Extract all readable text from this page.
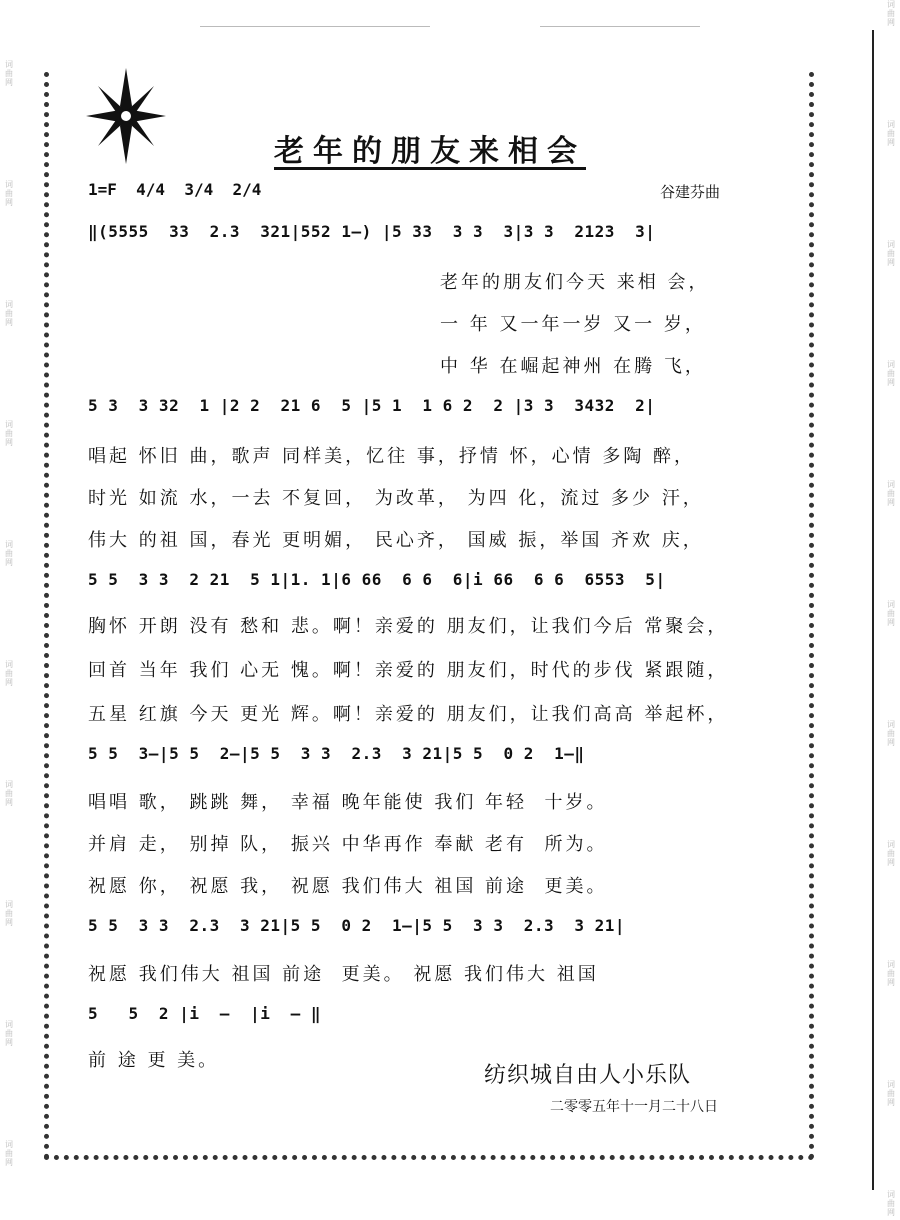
词曲网
词曲网
词曲网
词曲网
词曲网
词曲网
词曲网
词曲网
词曲网
词曲网
词曲网
词曲网
词曲网
词曲网
词曲网
词曲网
词曲网
词曲网
词曲网
词曲网
词曲网
老年的朋友来相会
1=F  4/4  3/4  2/4	谷建芬曲
‖(5555  33  2.3  321|552 1—) |5 33  3 3  3|3 3  2123  3|
老年的朋友们今天 来相 会，
一 年 又一年一岁 又一 岁，
中 华 在崛起神州 在腾 飞，
5 3  3 32  1 |2 2  21 6  5 |5 1  1 6 2  2 |3 3  3432  2|
唱起 怀旧 曲，歌声 同样美，忆往 事，抒情 怀，心情 多陶 醉，
时光 如流 水，一去 不复回， 为改革， 为四 化，流过 多少 汗，
伟大 的祖 国，春光 更明媚， 民心齐， 国威 振，举国 齐欢 庆，
5 5  3 3  2 21  5 1|1. 1|6 66  6 6  6|i 66  6 6  6553  5|
胸怀 开朗 没有 愁和 悲。啊！亲爱的 朋友们，让我们今后 常聚会，
回首 当年 我们 心无 愧。啊！亲爱的 朋友们，时代的步伐 紧跟随，
五星 红旗 今天 更光 辉。啊！亲爱的 朋友们，让我们高高 举起杯，
5 5  3—|5 5  2—|5 5  3 3  2.3  3 21|5 5  0 2  1—‖
唱唱 歌， 跳跳 舞， 幸福 晚年能使 我们 年轻  十岁。
并肩 走， 别掉 队， 振兴 中华再作 奉献 老有  所为。
祝愿 你， 祝愿 我， 祝愿 我们伟大 祖国 前途  更美。
5 5  3 3  2.3  3 21|5 5  0 2  1—|5 5  3 3  2.3  3 21|
祝愿 我们伟大 祖国 前途  更美。 祝愿 我们伟大 祖国
5   5  2 |i  —  |i  — ‖
前 途 更 美。
纺织城自由人小乐队
二零零五年十一月二十八日
